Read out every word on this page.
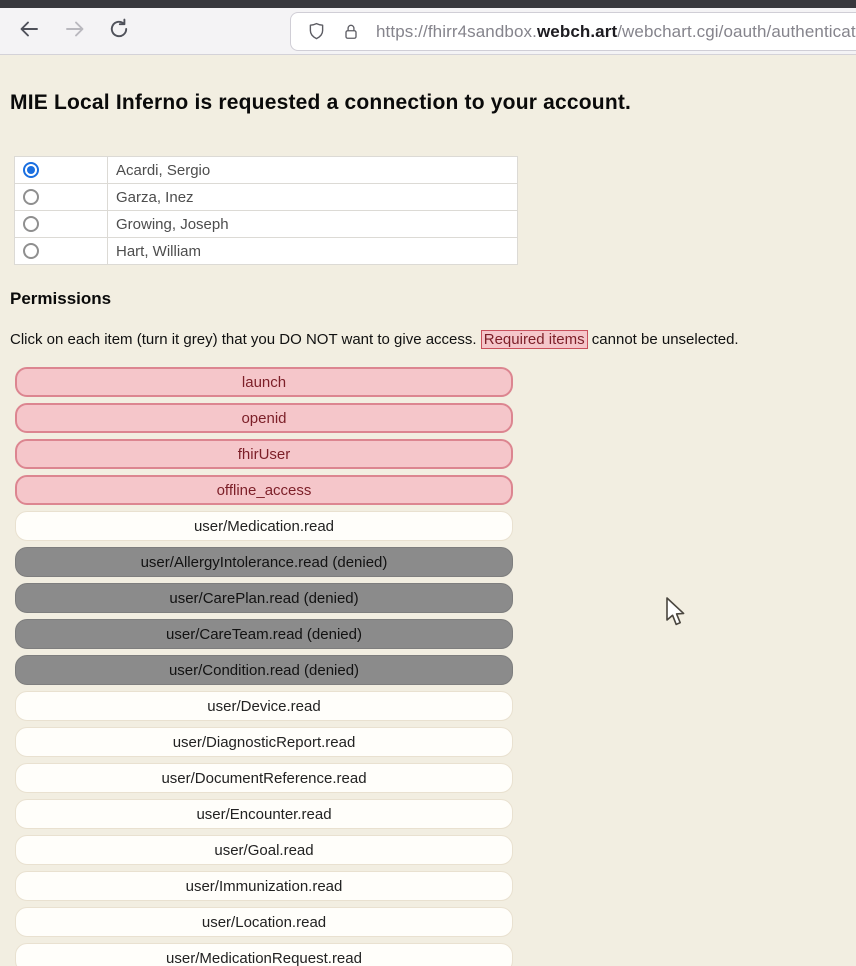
https://fhirr4sandbox.webch.art/webchart.cgi/oauth/authenticat
MIE Local Inferno is requested a connection to your account.
	Acardi, Sergio
	Garza, Inez
	Growing, Joseph
	Hart, William
Permissions

Click on each item (turn it grey) that you DO NOT want to give access. Required items cannot be unselected.

launch
openid
fhirUser
offline_access
user/Medication.read
user/AllergyIntolerance.read (denied)
user/CarePlan.read (denied)
user/CareTeam.read (denied)
user/Condition.read (denied)
user/Device.read
user/DiagnosticReport.read
user/DocumentReference.read
user/Encounter.read
user/Goal.read
user/Immunization.read
user/Location.read
user/MedicationRequest.read
